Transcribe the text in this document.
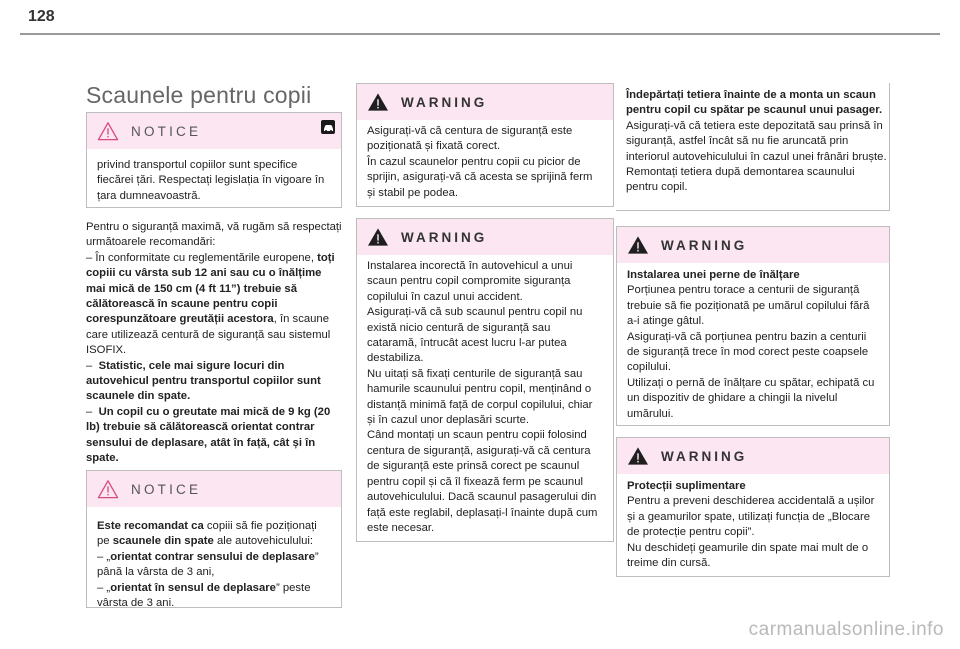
128
Scaunele pentru copii
NOTICE
privind transportul copiilor sunt specifice fiecărei țări. Respectați legislația în vigoare în țara dumneavoastră.
Pentru o siguranță maximă, vă rugăm să respectați următoarele recomandări:
– În conformitate cu reglementările europene, toți copiii cu vârsta sub 12 ani sau cu o înălțime mai mică de 150 cm (4 ft 11”) trebuie să călătorească în scaune pentru copii corespunzătoare greutății acestora, în scaune care utilizează centură de siguranță sau sistemul ISOFIX.
– Statistic, cele mai sigure locuri din autovehicul pentru transportul copiilor sunt scaunele din spate.
– Un copil cu o greutate mai mică de 9 kg (20 lb) trebuie să călătorească orientat contrar sensului de deplasare, atât în față, cât și în spate.
NOTICE
Este recomandat ca copiii să fie poziționați pe scaunele din spate ale autovehiculului:
– „orientat contrar sensului de deplasare” până la vârsta de 3 ani,
– „orientat în sensul de deplasare” peste vârsta de 3 ani.
WARNING
Asigurați-vă că centura de siguranță este poziționată și fixată corect.
În cazul scaunelor pentru copii cu picior de sprijin, asigurați-vă că acesta se sprijină ferm și stabil pe podea.
WARNING
Instalarea incorectă în autovehicul a unui scaun pentru copil compromite siguranța copilului în cazul unui accident.
Asigurați-vă că sub scaunul pentru copil nu există nicio centură de siguranță sau cataramă, întrucât acest lucru l-ar putea destabiliza.
Nu uitați să fixați centurile de siguranță sau hamurile scaunului pentru copil, menținând o distanță minimă față de corpul copilului, chiar și în cazul unor deplasări scurte.
Când montați un scaun pentru copii folosind centura de siguranță, asigurați-vă că centura de siguranță este prinsă corect pe scaunul pentru copil și că îl fixează ferm pe scaunul autovehiculului. Dacă scaunul pasagerului din față este reglabil, deplasați-l înainte după cum este necesar.
Îndepărtați tetiera înainte de a monta un scaun pentru copil cu spătar pe scaunul unui pasager.
Asigurați-vă că tetiera este depozitată sau prinsă în siguranță, astfel încât să nu fie aruncată prin interiorul autovehiculului în cazul unei frânări bruște. Remontați tetiera după demontarea scaunului pentru copil.
WARNING
Instalarea unei perne de înălțare
Porțiunea pentru torace a centurii de siguranță trebuie să fie poziționată pe umărul copilului fără a-i atinge gâtul.
Asigurați-vă că porțiunea pentru bazin a centurii de siguranță trece în mod corect peste coapsele copilului.
Utilizați o pernă de înălțare cu spătar, echipată cu un dispozitiv de ghidare a chingii la nivelul umărului.
WARNING
Protecții suplimentare
Pentru a preveni deschiderea accidentală a ușilor și a geamurilor spate, utilizați funcția de „Blocare de protecție pentru copii”.
Nu deschideți geamurile din spate mai mult de o treime din cursă.
carmanualsonline.info
